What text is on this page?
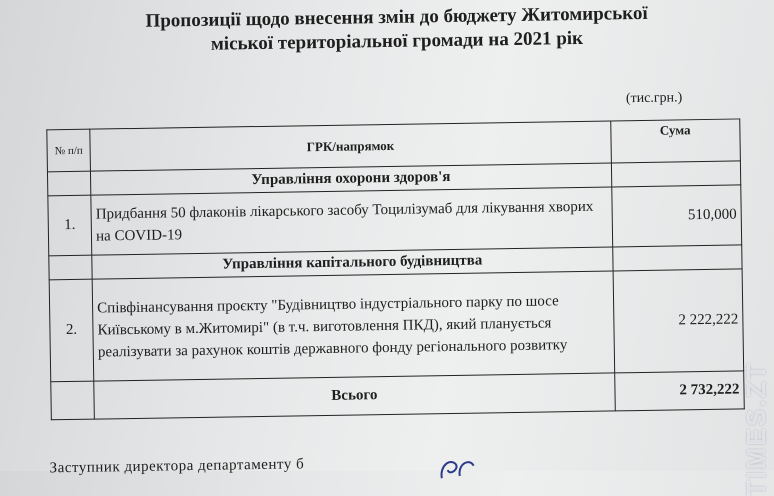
Пропозиції щодо внесення змін до бюджету Житомирської
міської територіальної громади на 2021 рік
(тис.грн.)
№ п/п	ГРК/напрямок	Сума
	Управління охорони здоров'я	
1.	Придбання 50 флаконів лікарського засобу Тоцилізумаб для лікування хворих на COVID-19	510,000
	Управління капітального будівництва	
2.	Співфінансування проєкту "Будівництво індустріального парку по шосе Київському в м.Житомирі" (в т.ч. виготовлення ПКД), який планується реалізувати за рахунок коштів державного фонду регіонального розвитку	2 222,222
	Всього	2 732,222
Заступник директора департаменту б	TIMES.ZT
